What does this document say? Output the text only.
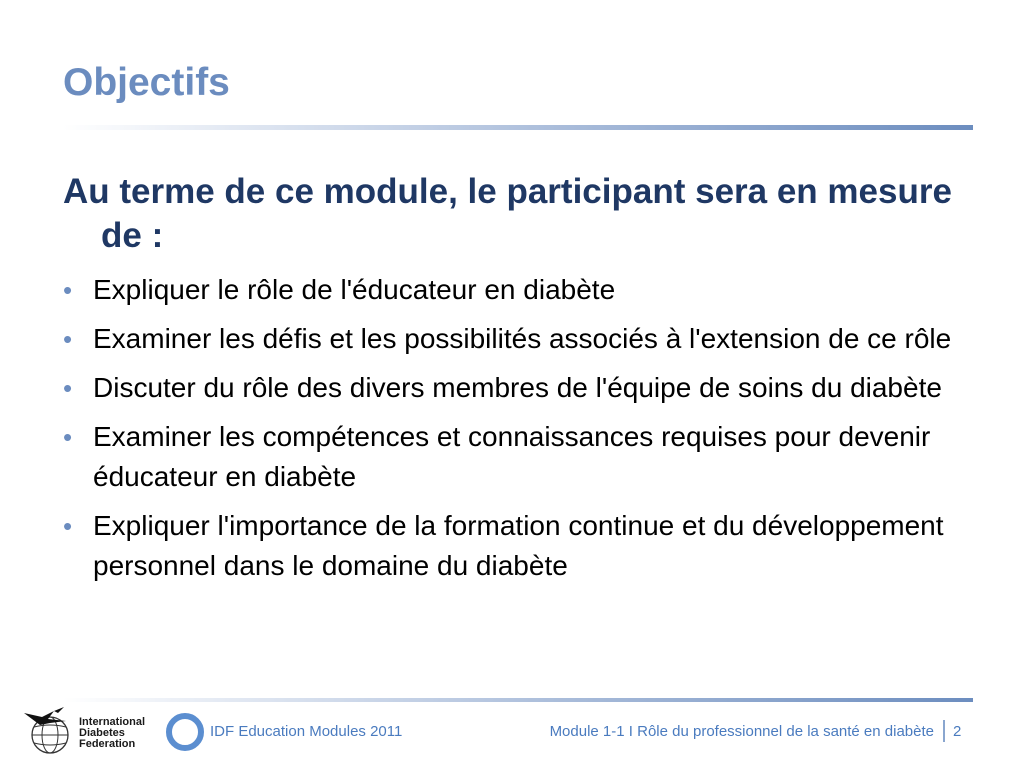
Objectifs

Au terme de ce module, le participant sera en mesure de :

• Expliquer le rôle de l'éducateur en diabète
• Examiner les défis et les possibilités associés à l'extension de ce rôle
• Discuter du rôle des divers membres de l'équipe de soins du diabète
• Examiner les compétences et connaissances requises pour devenir éducateur en diabète
• Expliquer l'importance de la formation continue et du développement personnel dans le domaine du diabète
International
Diabetes
Federation
IDF Education Modules 2011	Module 1-1 I Rôle du professionnel de la santé en diabète 2
